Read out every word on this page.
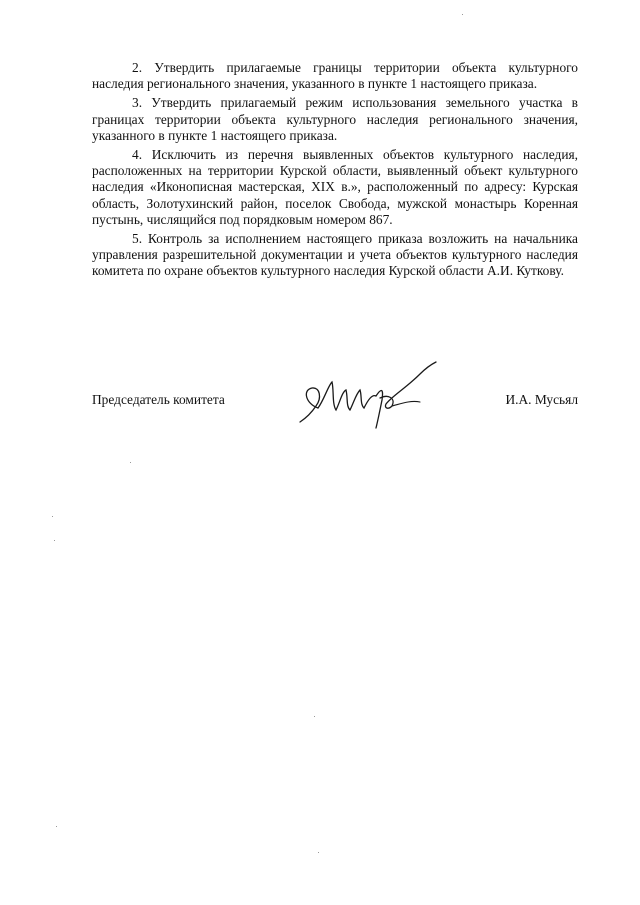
2. Утвердить прилагаемые границы территории объекта культурного наследия регионального значения, указанного в пункте 1 настоящего приказа.

3. Утвердить прилагаемый режим использования земельного участка в границах территории объекта культурного наследия регионального значения, указанного в пункте 1 настоящего приказа.

4. Исключить из перечня выявленных объектов культурного наследия, расположенных на территории Курской области, выявленный объект культурного наследия «Иконописная мастерская, XIX в.», расположенный по адресу: Курская область, Золотухинский район, поселок Свобода, мужской монастырь Коренная пустынь, числящийся под порядковым номером 867.

5. Контроль за исполнением настоящего приказа возложить на начальника управления разрешительной документации и учета объектов культурного наследия комитета по охране объектов культурного наследия Курской области А.И. Куткову.

Председатель комитета	И.А. Мусьял
